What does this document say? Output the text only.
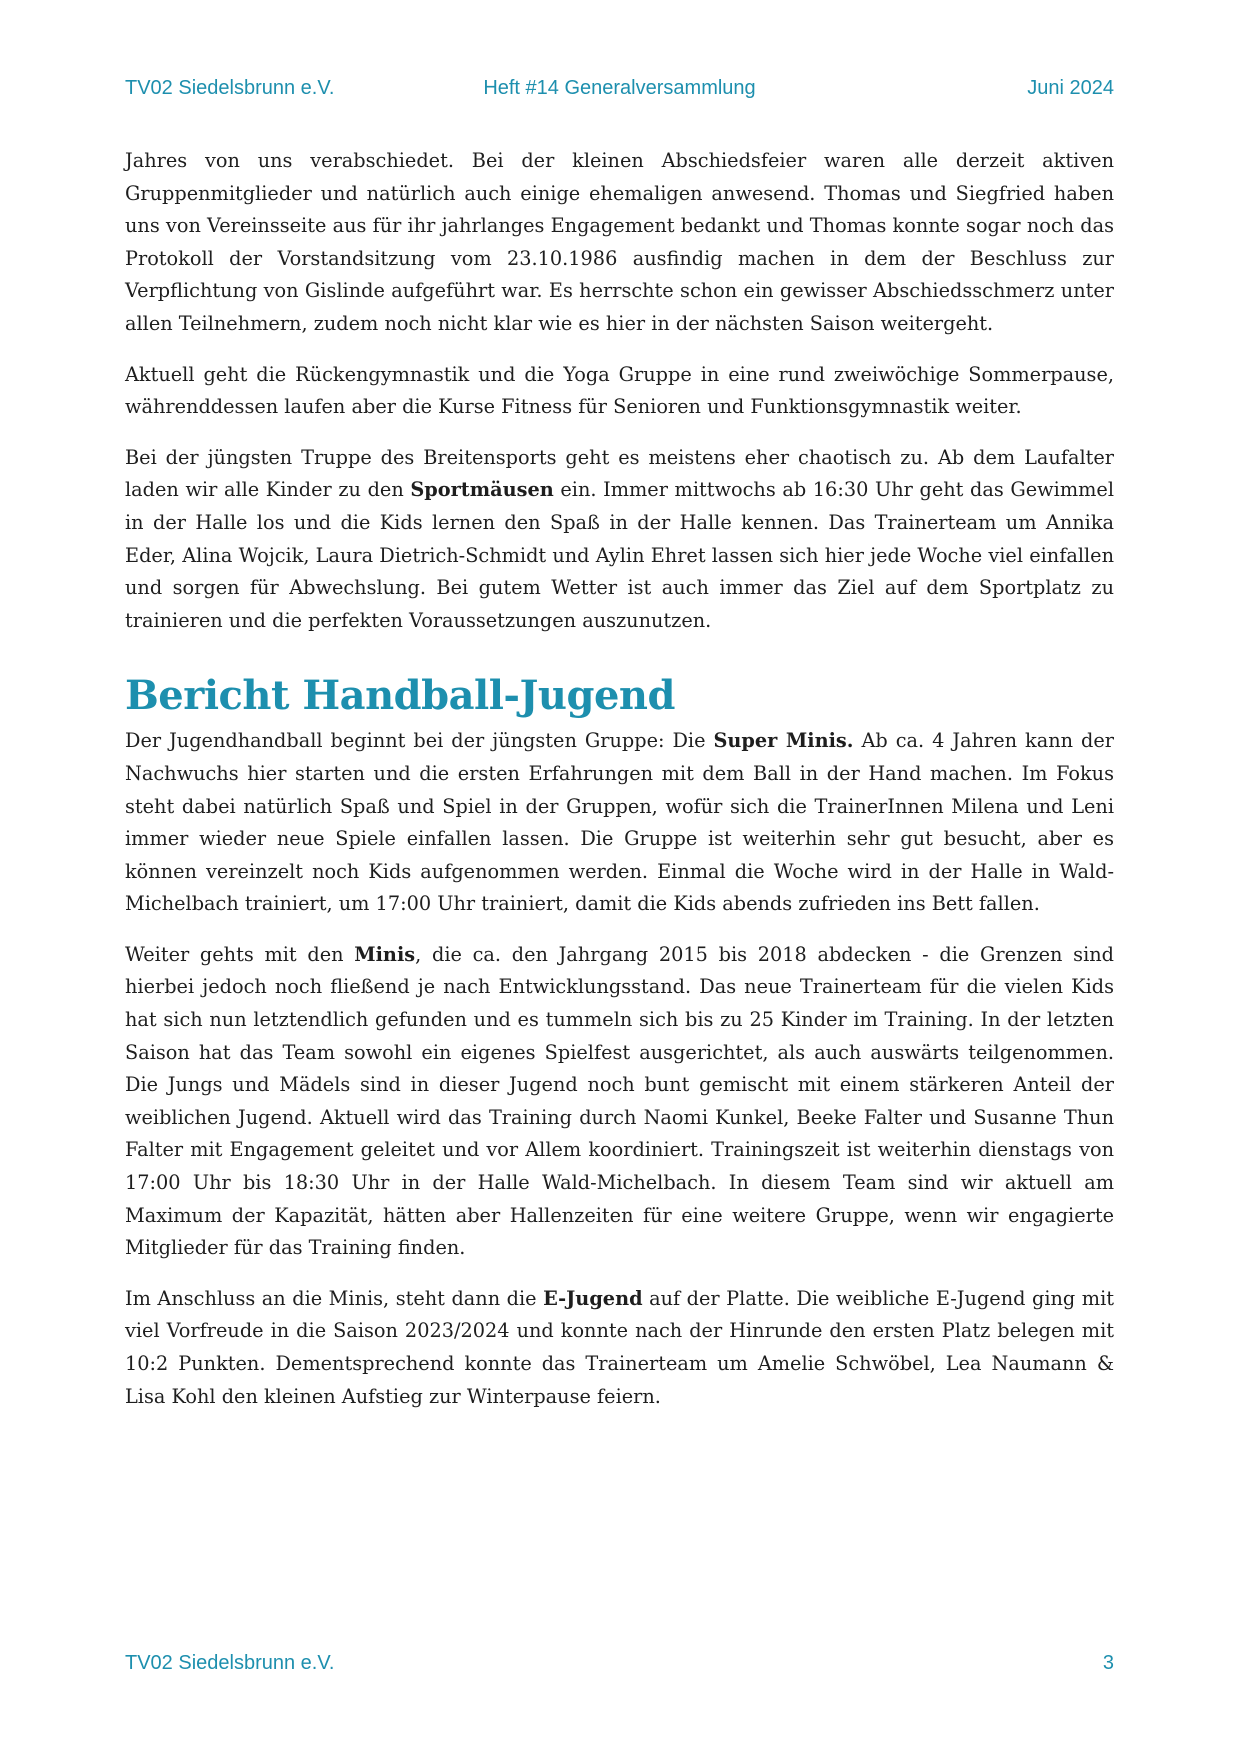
TV02 Siedelsbrunn e.V.	Heft #14 Generalversammlung	Juni 2024

Jahres von uns verabschiedet. Bei der kleinen Abschiedsfeier waren alle derzeit aktiven Gruppenmitglieder und natürlich auch einige ehemaligen anwesend. Thomas und Siegfried haben uns von Vereinsseite aus für ihr jahrlanges Engagement bedankt und Thomas konnte sogar noch das Protokoll der Vorstandsitzung vom 23.10.1986 ausfindig machen in dem der Beschluss zur Verpflichtung von Gislinde aufgeführt war. Es herrschte schon ein gewisser Abschiedsschmerz unter allen Teilnehmern, zudem noch nicht klar wie es hier in der nächsten Saison weitergeht.

Aktuell geht die Rückengymnastik und die Yoga Gruppe in eine rund zweiwöchige Sommerpause, währenddessen laufen aber die Kurse Fitness für Senioren und Funktionsgymnastik weiter.

Bei der jüngsten Truppe des Breitensports geht es meistens eher chaotisch zu. Ab dem Laufalter laden wir alle Kinder zu den Sportmäusen ein. Immer mittwochs ab 16:30 Uhr geht das Gewimmel in der Halle los und die Kids lernen den Spaß in der Halle kennen. Das Trainerteam um Annika Eder, Alina Wojcik, Laura Dietrich-Schmidt und Aylin Ehret lassen sich hier jede Woche viel einfallen und sorgen für Abwechslung. Bei gutem Wetter ist auch immer das Ziel auf dem Sportplatz zu trainieren und die perfekten Voraussetzungen auszunutzen.

Bericht Handball-Jugend

Der Jugendhandball beginnt bei der jüngsten Gruppe: Die Super Minis. Ab ca. 4 Jahren kann der Nachwuchs hier starten und die ersten Erfahrungen mit dem Ball in der Hand machen. Im Fokus steht dabei natürlich Spaß und Spiel in der Gruppen, wofür sich die TrainerInnen Milena und Leni immer wieder neue Spiele einfallen lassen. Die Gruppe ist weiterhin sehr gut besucht, aber es können vereinzelt noch Kids aufgenommen werden. Einmal die Woche wird in der Halle in Wald-Michelbach trainiert, um 17:00 Uhr trainiert, damit die Kids abends zufrieden ins Bett fallen.

Weiter gehts mit den Minis, die ca. den Jahrgang 2015 bis 2018 abdecken - die Grenzen sind hierbei jedoch noch fließend je nach Entwicklungsstand. Das neue Trainerteam für die vielen Kids hat sich nun letztendlich gefunden und es tummeln sich bis zu 25 Kinder im Training. In der letzten Saison hat das Team sowohl ein eigenes Spielfest ausgerichtet, als auch auswärts teilgenommen. Die Jungs und Mädels sind in dieser Jugend noch bunt gemischt mit einem stärkeren Anteil der weiblichen Jugend. Aktuell wird das Training durch Naomi Kunkel, Beeke Falter und Susanne Thun Falter mit Engagement geleitet und vor Allem koordiniert. Trainingszeit ist weiterhin dienstags von 17:00 Uhr bis 18:30 Uhr in der Halle Wald-Michelbach. In diesem Team sind wir aktuell am Maximum der Kapazität, hätten aber Hallenzeiten für eine weitere Gruppe, wenn wir engagierte Mitglieder für das Training finden.

Im Anschluss an die Minis, steht dann die E-Jugend auf der Platte. Die weibliche E-Jugend ging mit viel Vorfreude in die Saison 2023/2024 und konnte nach der Hinrunde den ersten Platz belegen mit 10:2 Punkten. Dementsprechend konnte das Trainerteam um Amelie Schwöbel, Lea Naumann & Lisa Kohl den kleinen Aufstieg zur Winterpause feiern.

TV02 Siedelsbrunn e.V.	3
